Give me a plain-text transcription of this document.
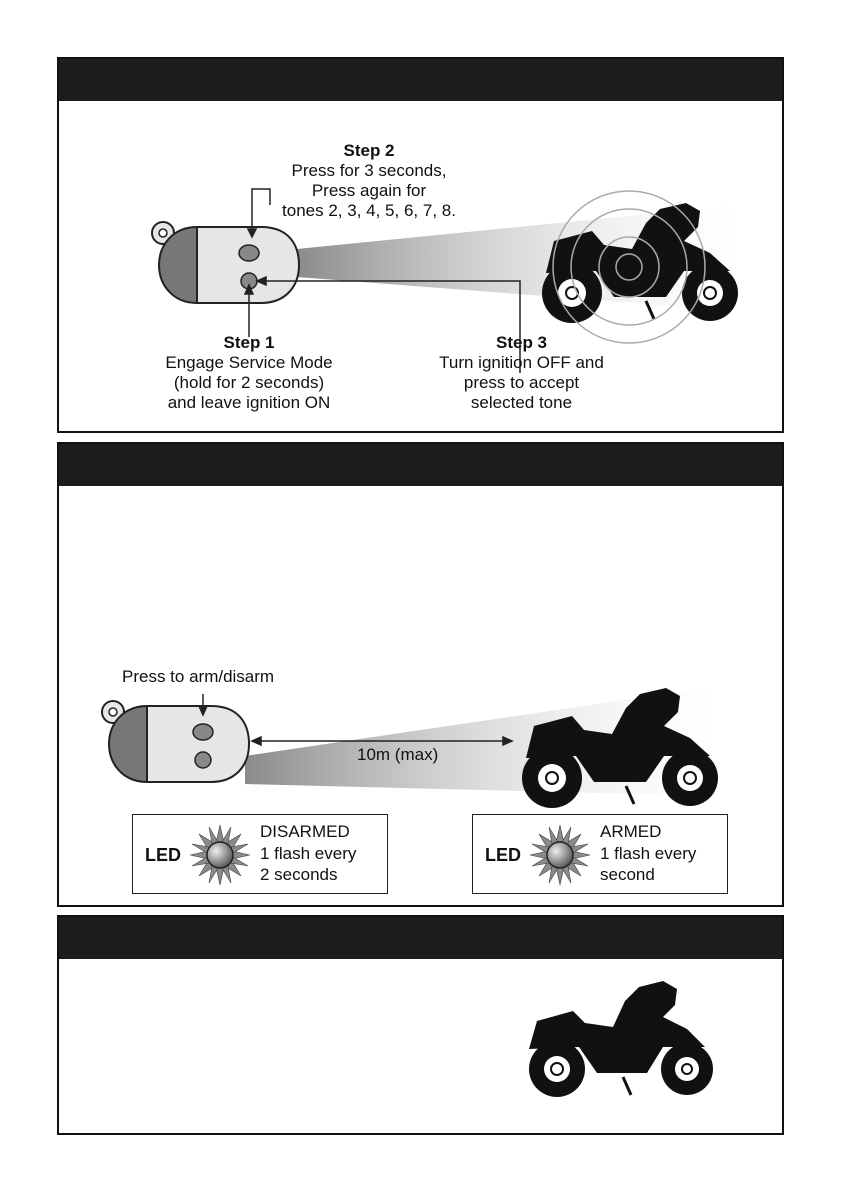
Step 2
Press for 3 seconds,
Press again for
tones 2, 3, 4, 5, 6, 7, 8.
Step 1
Engage Service Mode
(hold for 2 seconds)
and leave ignition ON
Step 3
Turn ignition OFF and
press to accept
selected tone
Press to arm/disarm
10m (max)
LED
DISARMED
1 flash every
2 seconds
LED
ARMED
1 flash every
second
